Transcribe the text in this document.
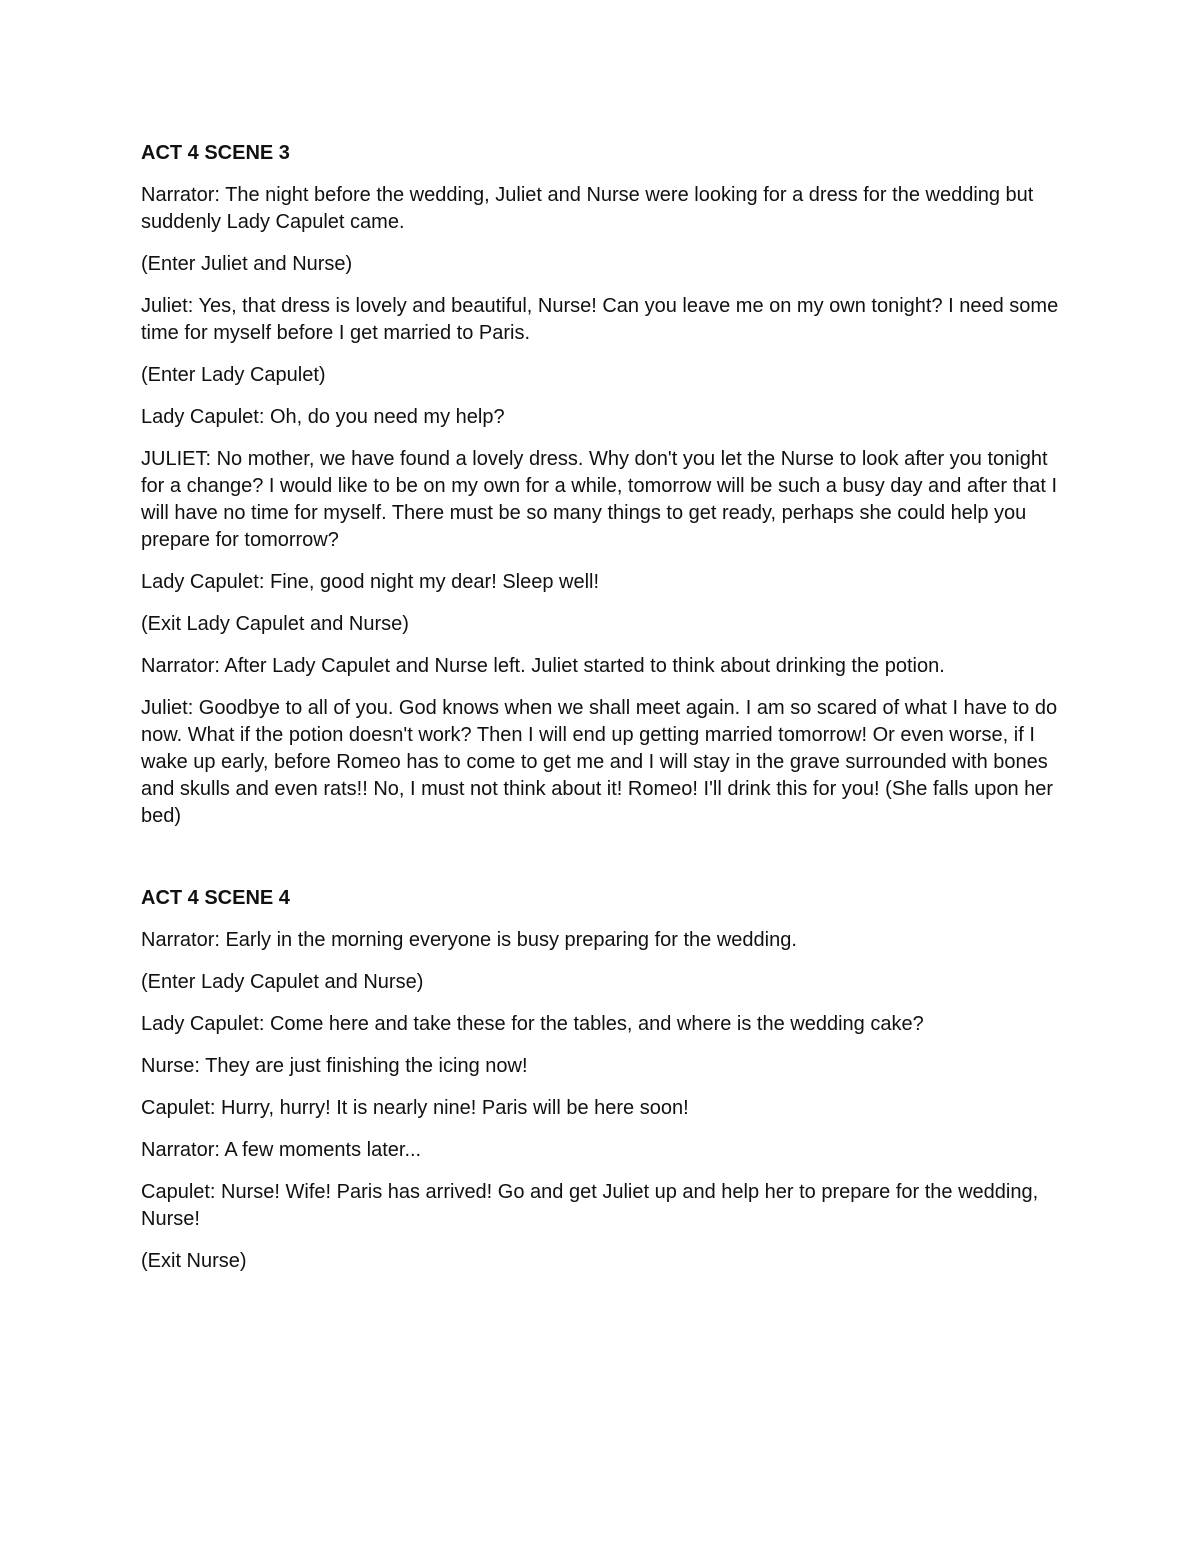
ACT 4 SCENE 3

Narrator: The night before the wedding, Juliet and Nurse were looking for a dress for the wedding but suddenly Lady Capulet came.

(Enter Juliet and Nurse)

Juliet: Yes, that dress is lovely and beautiful, Nurse! Can you leave me on my own tonight? I need some time for myself before I get married to Paris.

(Enter Lady Capulet)

Lady Capulet: Oh, do you need my help?

JULIET: No mother, we have found a lovely dress. Why don't you let the Nurse to look after you tonight for a change? I would like to be on my own for a while, tomorrow will be such a busy day and after that I will have no time for myself. There must be so many things to get ready, perhaps she could help you prepare for tomorrow?

Lady Capulet: Fine, good night my dear! Sleep well!

(Exit Lady Capulet and Nurse)

Narrator: After Lady Capulet and Nurse left. Juliet started to think about drinking the potion.

Juliet: Goodbye to all of you. God knows when we shall meet again. I am so scared of what I have to do now. What if the potion doesn't work? Then I will end up getting married tomorrow! Or even worse, if I wake up early, before Romeo has to come to get me and I will stay in the grave surrounded with bones and skulls and even rats!! No, I must not think about it! Romeo! I'll drink this for you! (She falls upon her bed)

ACT 4 SCENE 4

Narrator: Early in the morning everyone is busy preparing for the wedding.

(Enter Lady Capulet and Nurse)

Lady Capulet: Come here and take these for the tables, and where is the wedding cake?

Nurse: They are just finishing the icing now!

Capulet: Hurry, hurry! It is nearly nine! Paris will be here soon!

Narrator: A few moments later...

Capulet: Nurse! Wife! Paris has arrived! Go and get Juliet up and help her to prepare for the wedding, Nurse!

(Exit Nurse)
